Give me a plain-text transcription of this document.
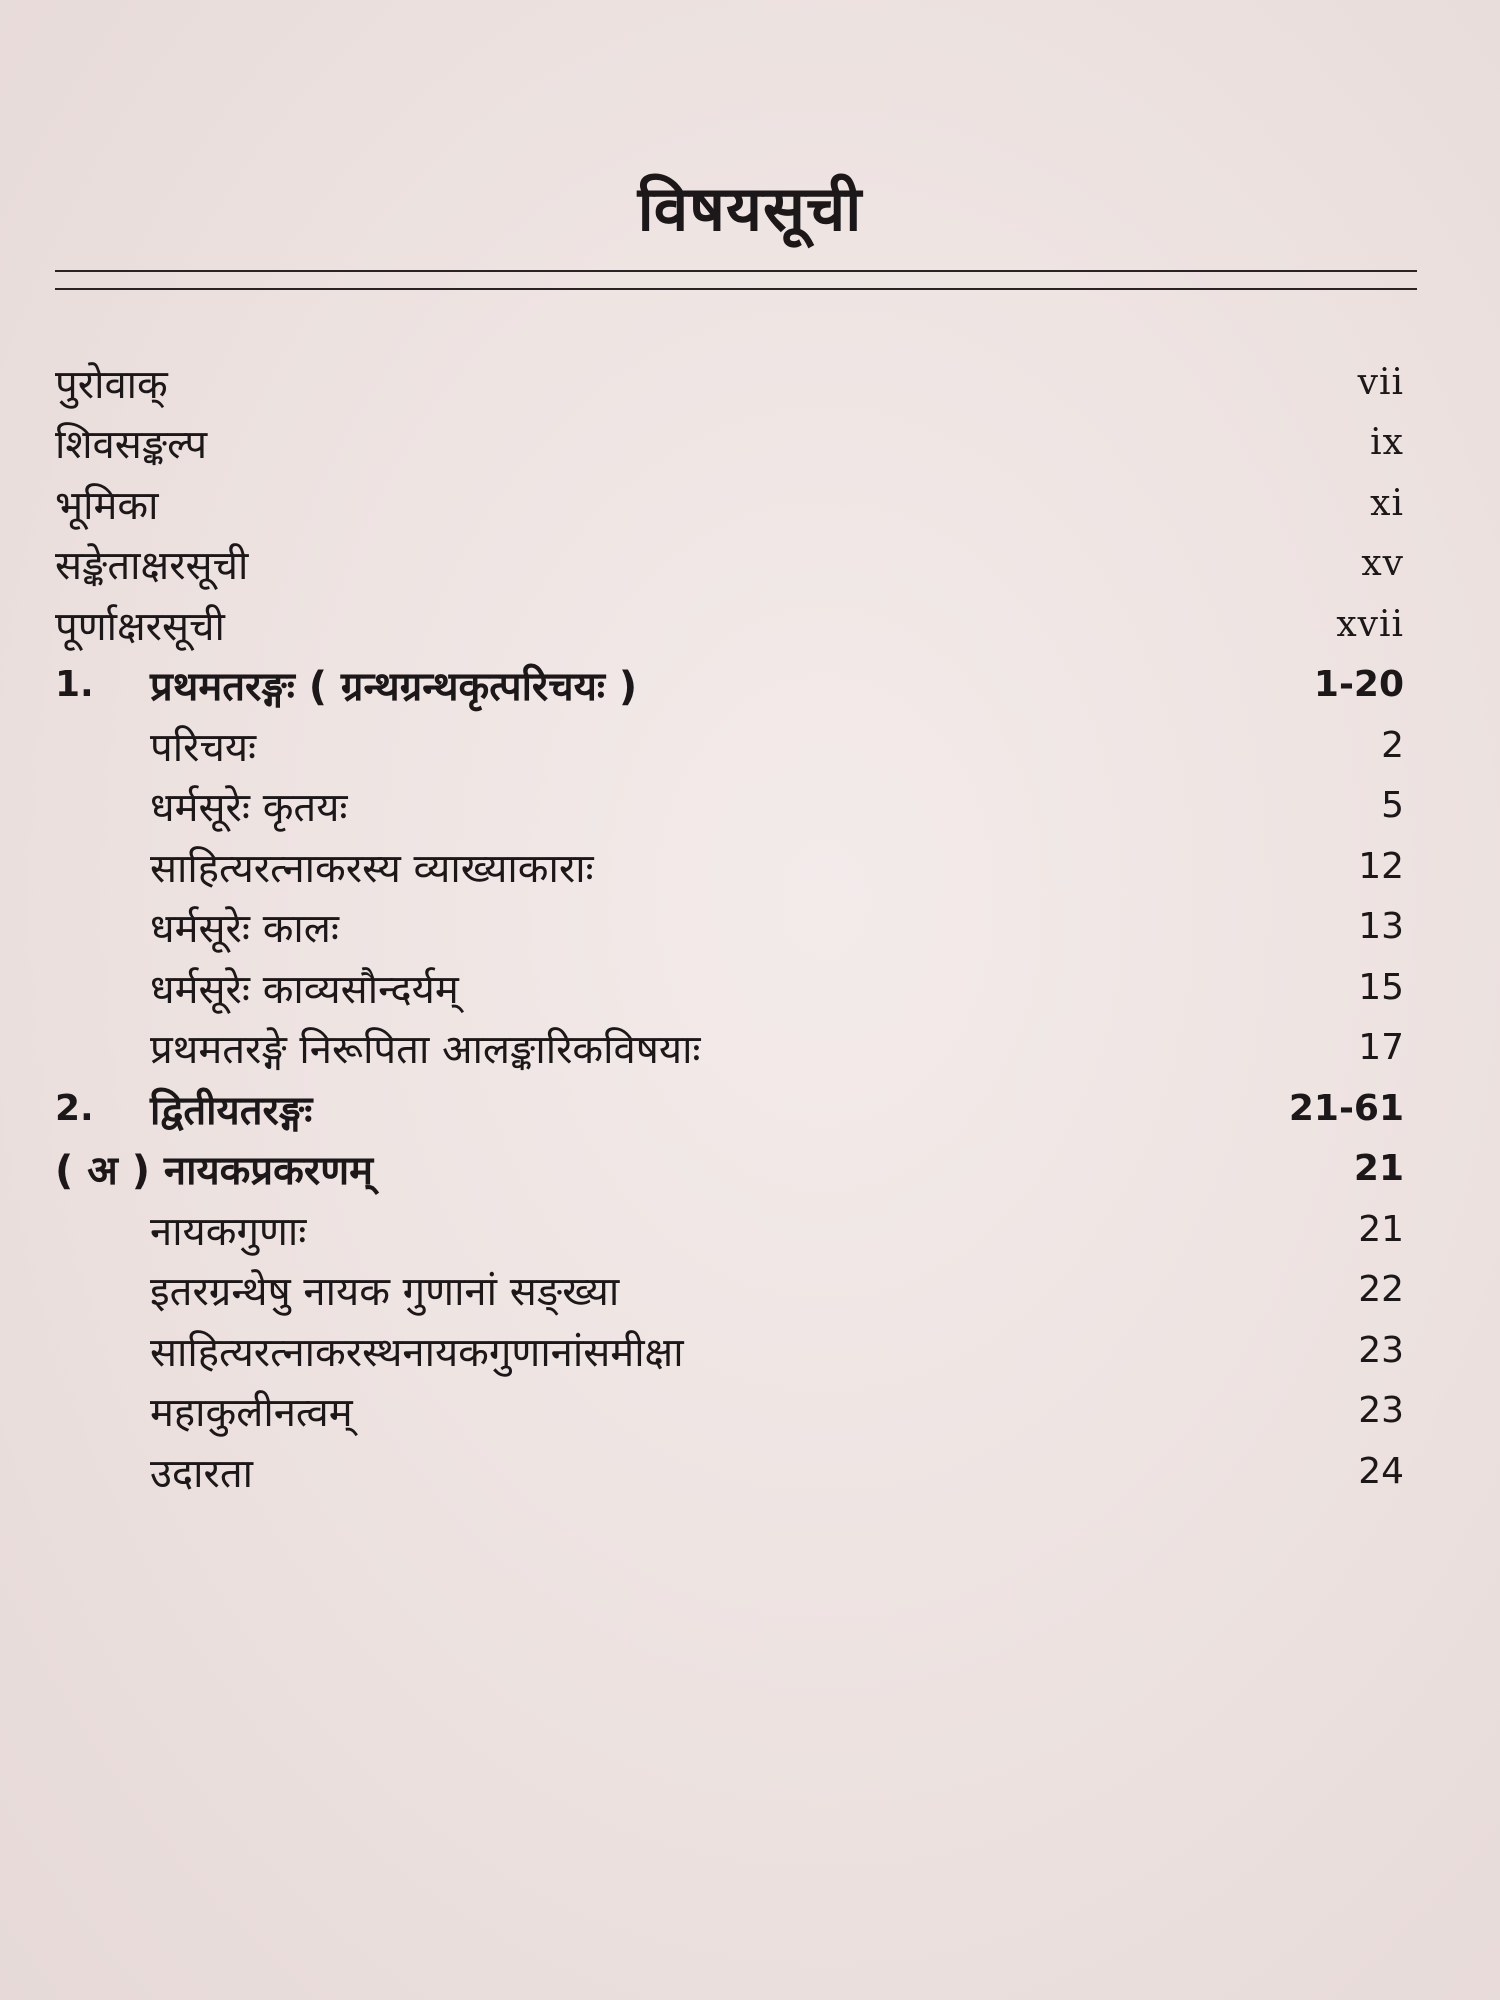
विषयसूची
पुरोवाक्	vii
शिवसङ्कल्प	ix
भूमिका	xi
सङ्केताक्षरसूची	xv
पूर्णाक्षरसूची	xvii
1. प्रथमतरङ्गः ( ग्रन्थग्रन्थकृत्परिचयः )	1-20
परिचयः	2
धर्मसूरेः कृतयः	5
साहित्यरत्नाकरस्य व्याख्याकाराः	12
धर्मसूरेः कालः	13
धर्मसूरेः काव्यसौन्दर्यम्	15
प्रथमतरङ्गे निरूपिता आलङ्कारिकविषयाः	17
2. द्वितीयतरङ्गः	21-61
( अ ) नायकप्रकरणम्	21
नायकगुणाः	21
इतरग्रन्थेषु नायक गुणानां सङ्ख्या	22
साहित्यरत्नाकरस्थनायकगुणानांसमीक्षा	23
महाकुलीनत्वम्	23
उदारता	24
